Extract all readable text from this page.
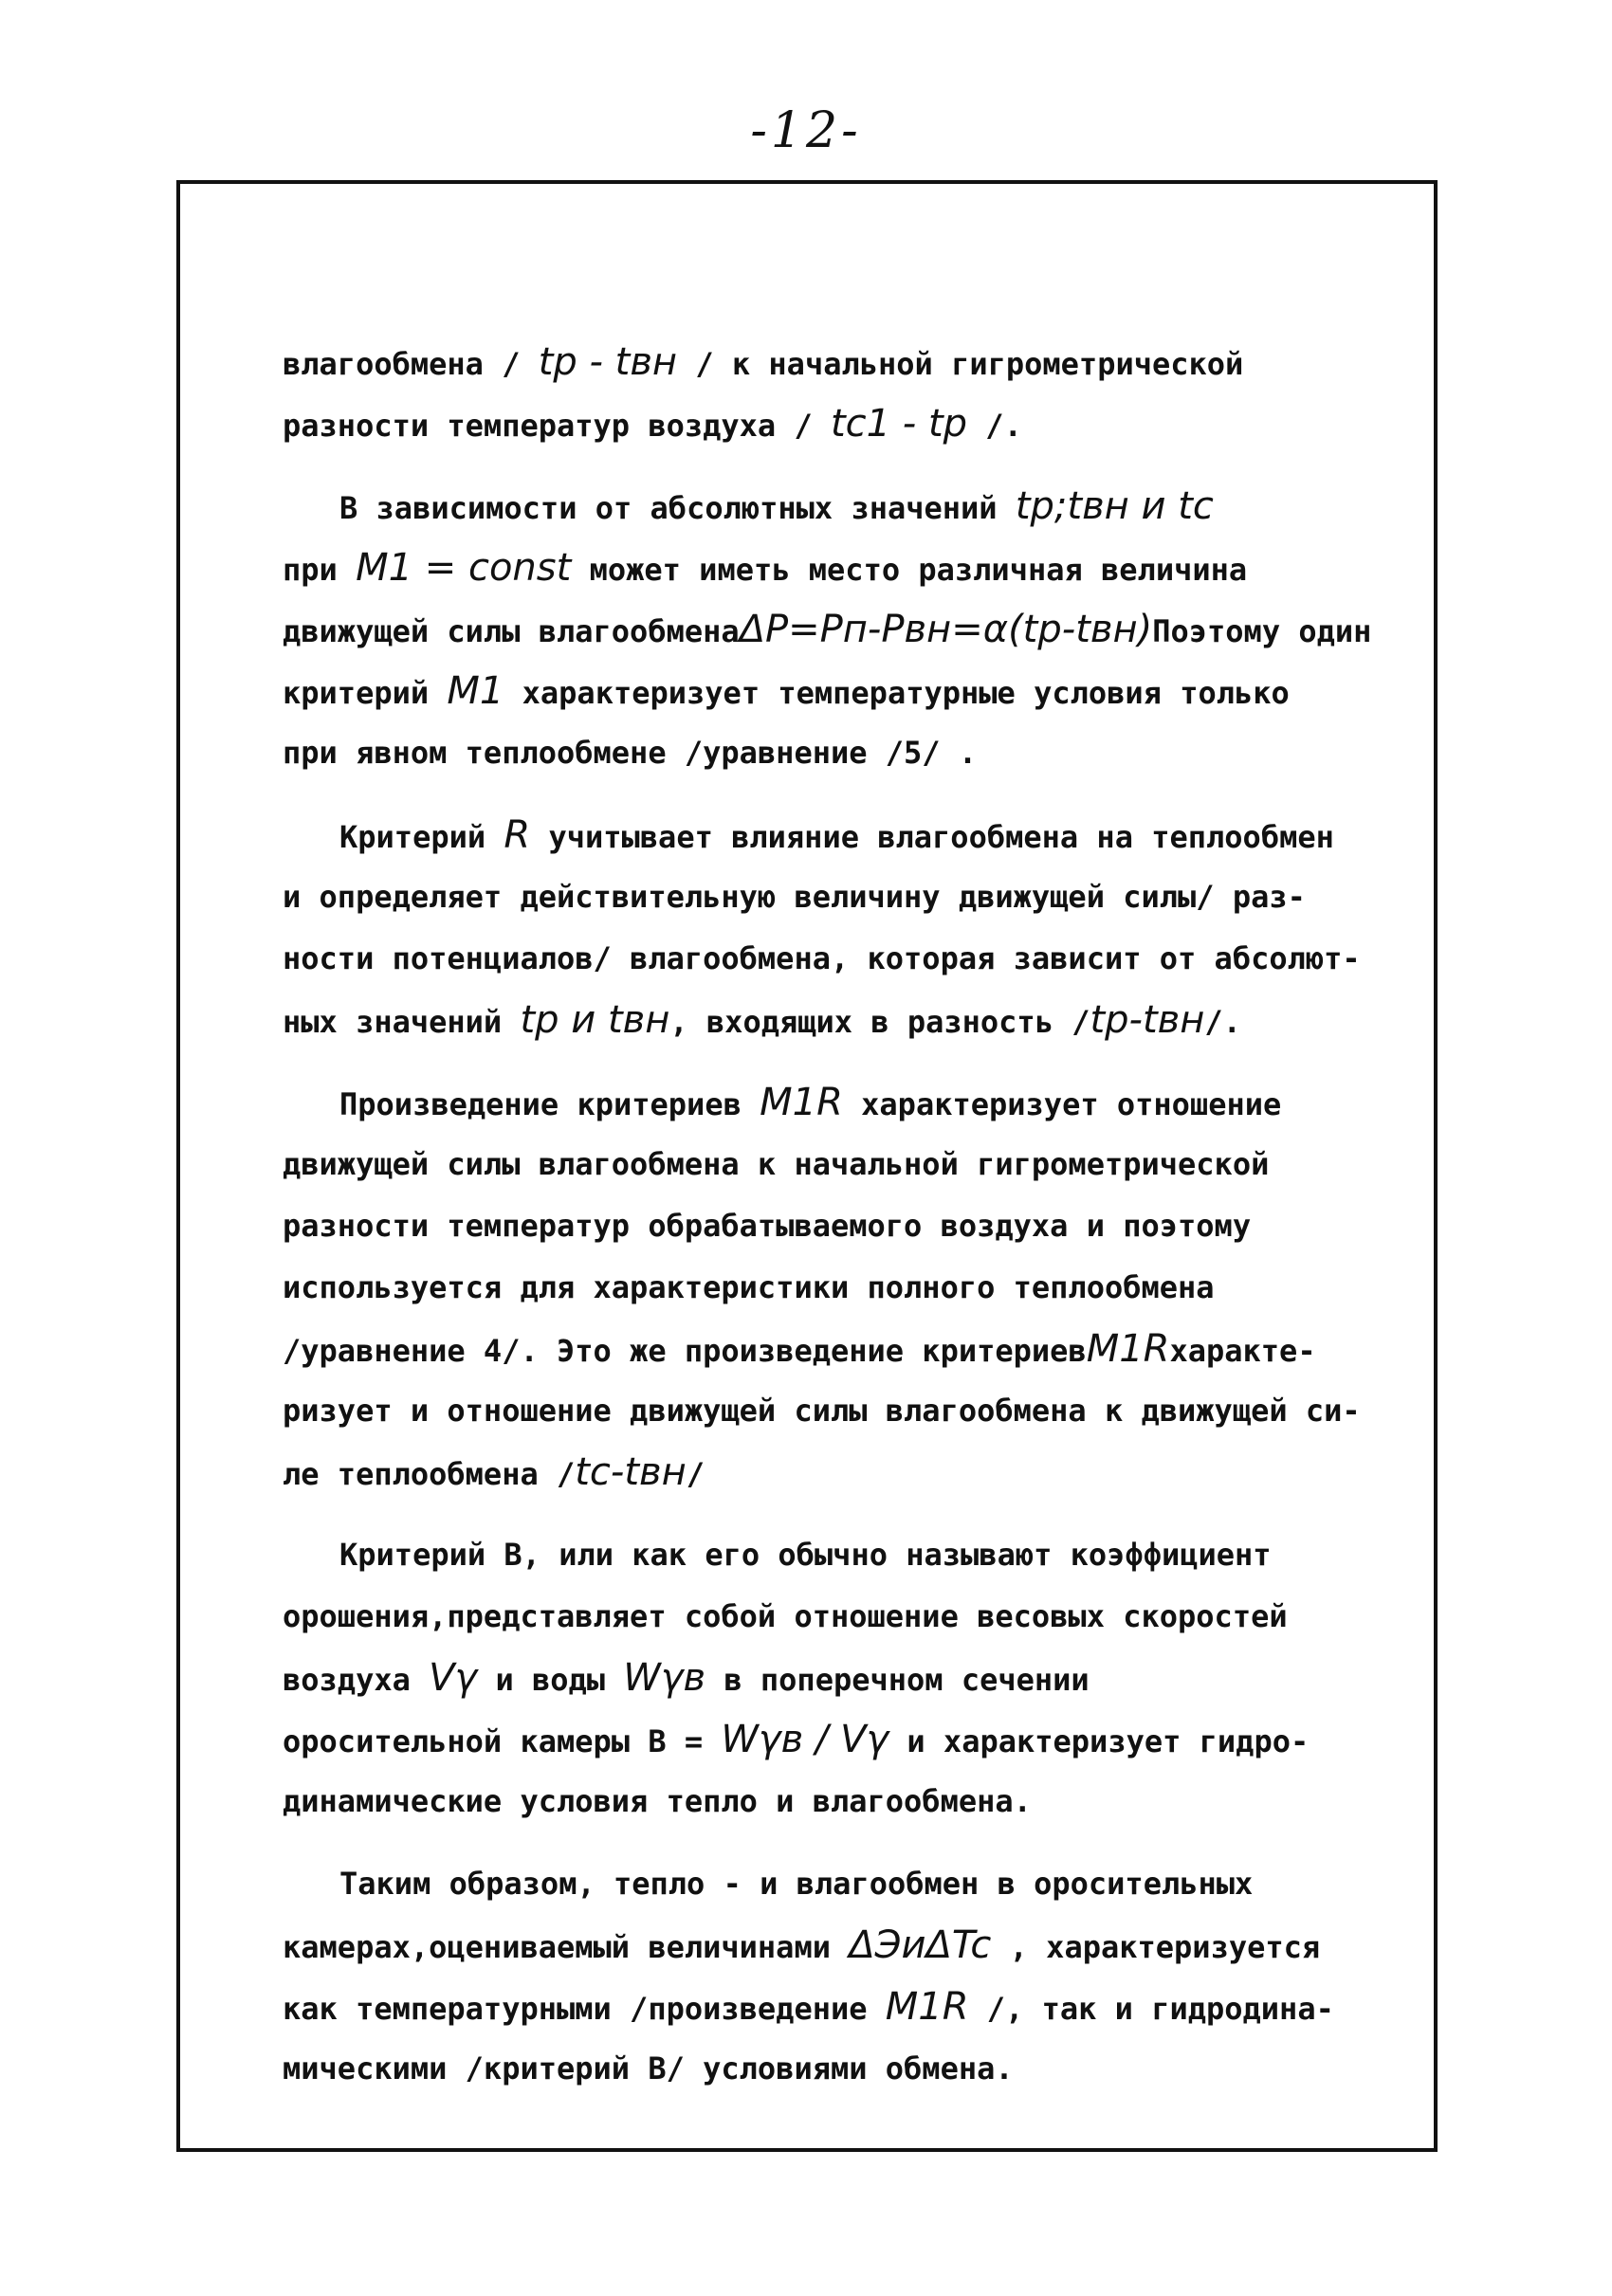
-12-
влагообмена / tp - tвн / к начальной гигрометрической
разности температур воздуха / tc1 - tp /.
В зависимости от абсолютных значений tp;tвн и tc
при M1 = const может иметь место различная величина
движущей силы влагообменаΔP=Pп-Pвн=α(tp-tвн)Поэтому один
критерий M1 характеризует температурные условия только
при явном теплообмене /уравнение /5/ .
Критерий R учитывает влияние влагообмена на теплообмен
и определяет действительную величину движущей силы/ раз-
ности потенциалов/ влагообмена, которая зависит от абсолют-
ных значений tp и tвн, входящих в разность /tp-tвн/.
Произведение критериев M1R характеризует отношение
движущей силы влагообмена к начальной гигрометрической
разности температур обрабатываемого воздуха и поэтому
используется для характеристики полного теплообмена
/уравнение 4/. Это же произведение критериевM1Rхаракте-
ризует и отношение движущей силы влагообмена к движущей си-
ле теплообмена /tc-tвн/
Критерий В, или как его обычно называют коэффициент
орошения,представляет собой отношение весовых скоростей
воздуха Vγ и воды Wγв в поперечном сечении
оросительной камеры В = Wγв / Vγ и характеризует гидро-
динамические условия тепло и влагообмена.
Таким образом, тепло - и влагообмен в оросительных
камерах,оцениваемый величинами ΔЭиΔTc , характеризуется
как температурными /произведение M1R /, так и гидродина-
мическими /критерий В/ условиями обмена.
